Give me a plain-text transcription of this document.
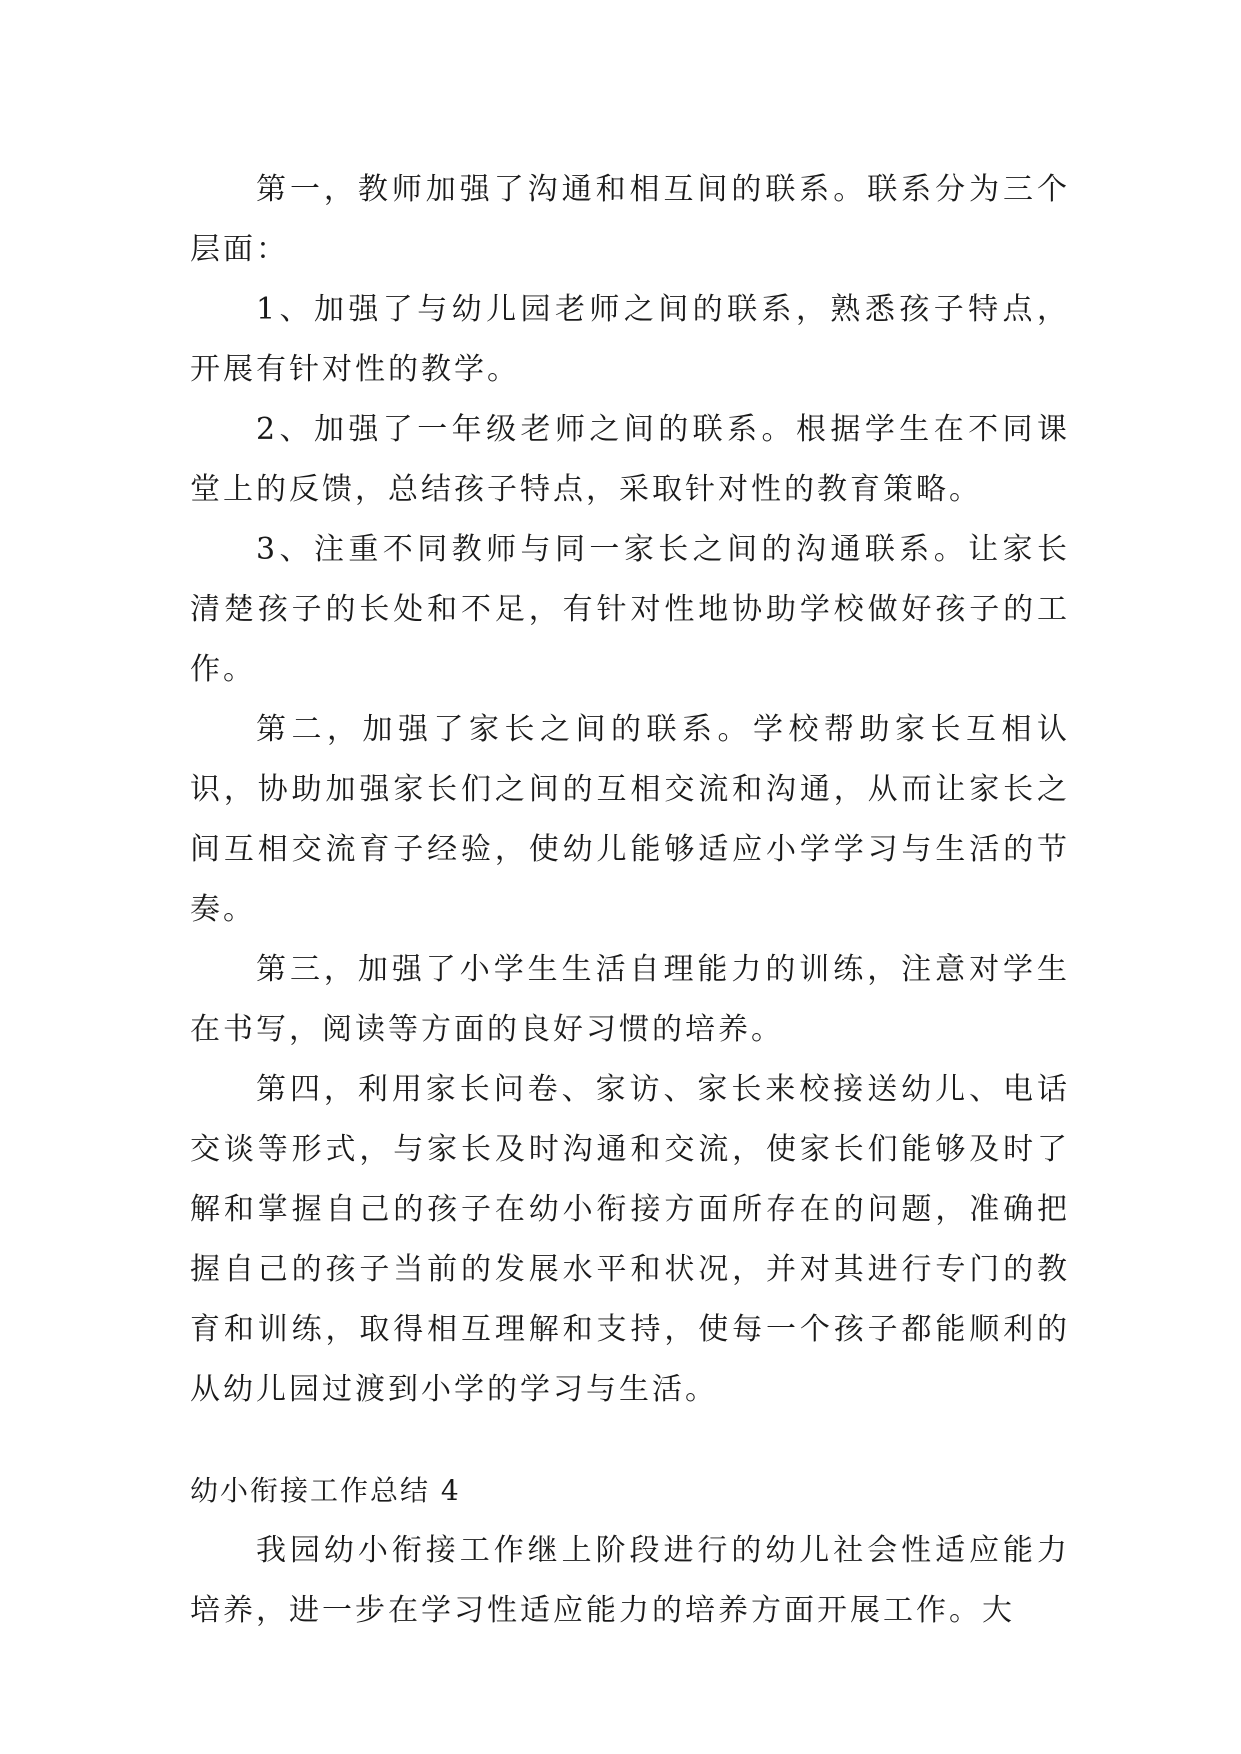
第一，教师加强了沟通和相互间的联系。联系分为三个层面：

1、加强了与幼儿园老师之间的联系，熟悉孩子特点，开展有针对性的教学。

2、加强了一年级老师之间的联系。根据学生在不同课堂上的反馈，总结孩子特点，采取针对性的教育策略。

3、注重不同教师与同一家长之间的沟通联系。让家长清楚孩子的长处和不足，有针对性地协助学校做好孩子的工作。

第二，加强了家长之间的联系。学校帮助家长互相认识，协助加强家长们之间的互相交流和沟通，从而让家长之间互相交流育子经验，使幼儿能够适应小学学习与生活的节奏。

第三，加强了小学生生活自理能力的训练，注意对学生在书写，阅读等方面的良好习惯的培养。

第四，利用家长问卷、家访、家长来校接送幼儿、电话交谈等形式，与家长及时沟通和交流，使家长们能够及时了解和掌握自己的孩子在幼小衔接方面所存在的问题，准确把握自己的孩子当前的发展水平和状况，并对其进行专门的教育和训练，取得相互理解和支持，使每一个孩子都能顺利的从幼儿园过渡到小学的学习与生活。

幼小衔接工作总结 4

我园幼小衔接工作继上阶段进行的幼儿社会性适应能力培养，进一步在学习性适应能力的培养方面开展工作。大
